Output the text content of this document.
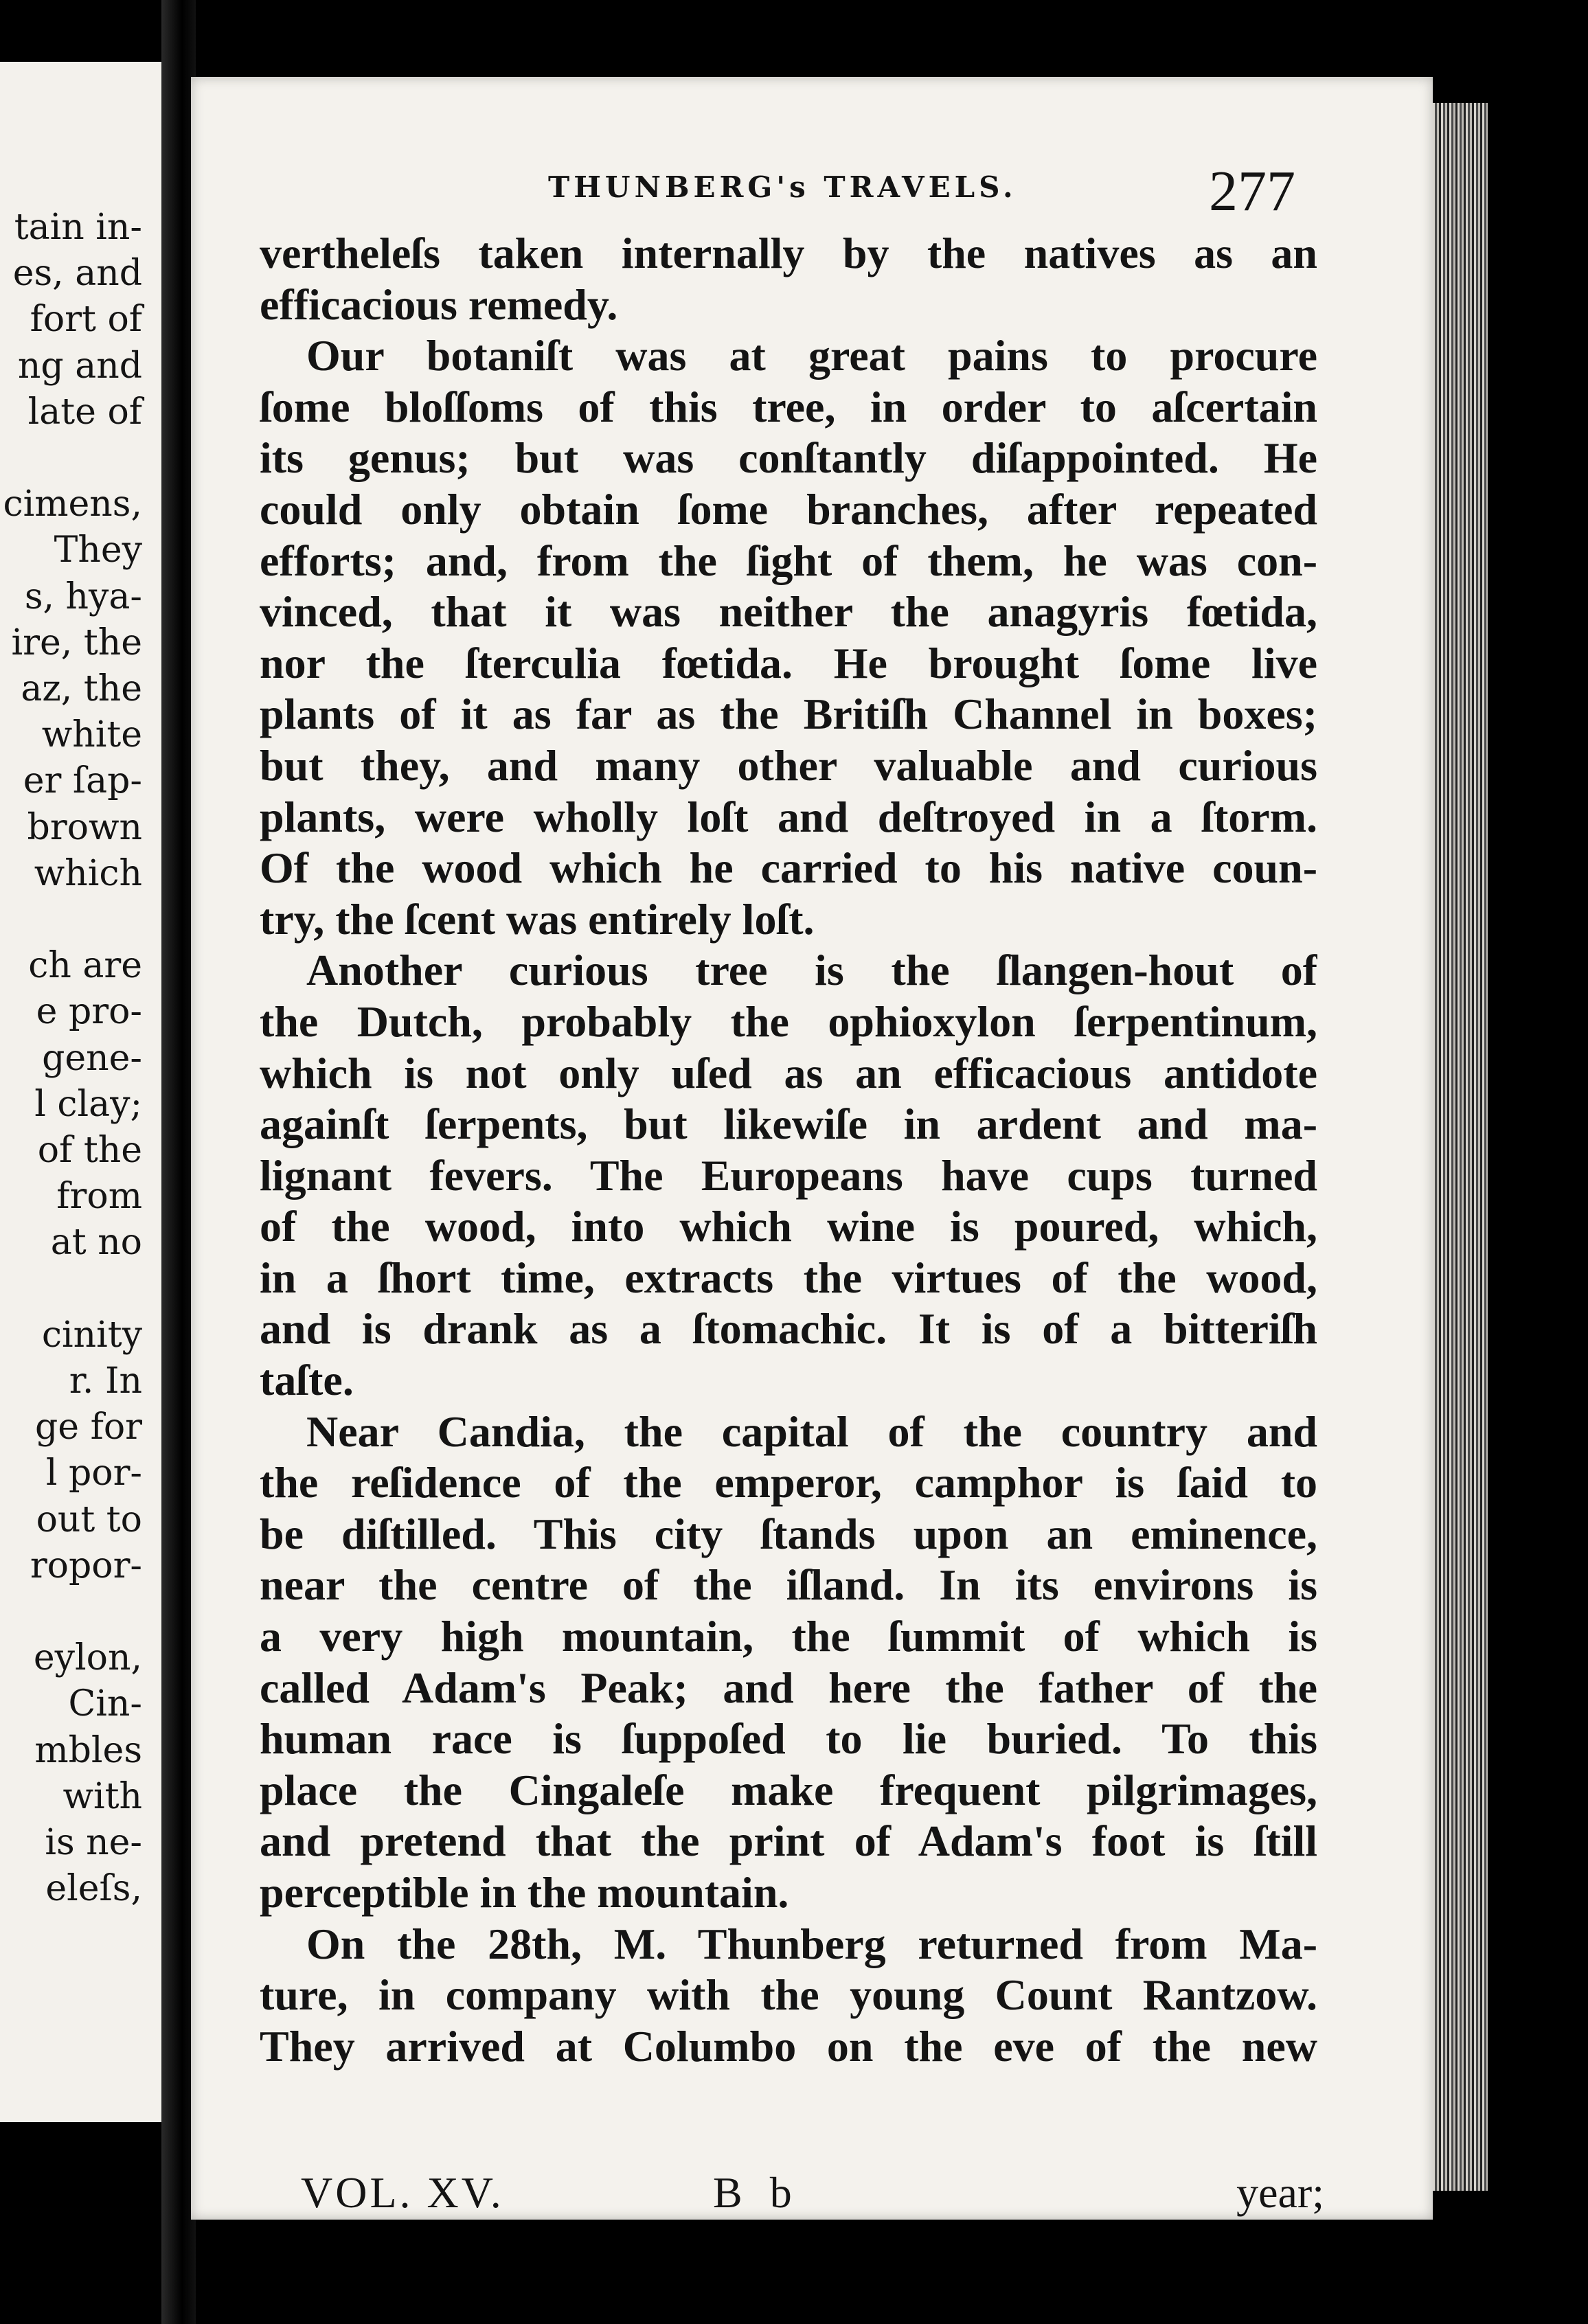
tain in-
es, and
fort of
ng and
late of
cimens,
They
s, hya-
ire, the
az, the
white
er ſap-
brown
which
ch are
e pro-
gene-
l clay;
of the
from
at no
cinity
r. In
ge for
l por-
out to
ropor-
eylon,
Cin-
mbles
with
is ne-
eleſs,
THUNBERG's TRAVELS.	277
vertheleſs taken internally by the natives as an
efficacious remedy.
Our botaniſt was at great pains to procure
ſome bloſſoms of this tree, in order to aſcertain
its genus; but was conſtantly diſappointed. He
could only obtain ſome branches, after repeated
efforts; and, from the ſight of them, he was con-
vinced, that it was neither the anagyris fœtida,
nor the ſterculia fœtida. He brought ſome live
plants of it as far as the Britiſh Channel in boxes;
but they, and many other valuable and curious
plants, were wholly loſt and deſtroyed in a ſtorm.
Of the wood which he carried to his native coun-
try, the ſcent was entirely loſt.
Another curious tree is the ſlangen-hout of
the Dutch, probably the ophioxylon ſerpentinum,
which is not only uſed as an efficacious antidote
againſt ſerpents, but likewiſe in ardent and ma-
lignant fevers. The Europeans have cups turned
of the wood, into which wine is poured, which,
in a ſhort time, extracts the virtues of the wood,
and is drank as a ſtomachic. It is of a bitteriſh
taſte.
Near Candia, the capital of the country and
the reſidence of the emperor, camphor is ſaid to
be diſtilled. This city ſtands upon an eminence,
near the centre of the iſland. In its environs is
a very high mountain, the ſummit of which is
called Adam's Peak; and here the father of the
human race is ſuppoſed to lie buried. To this
place the Cingaleſe make frequent pilgrimages,
and pretend that the print of Adam's foot is ſtill
perceptible in the mountain.
On the 28th, M. Thunberg returned from Ma-
ture, in company with the young Count Rantzow.
They arrived at Columbo on the eve of the new
VOL. XV.	B b	year;
